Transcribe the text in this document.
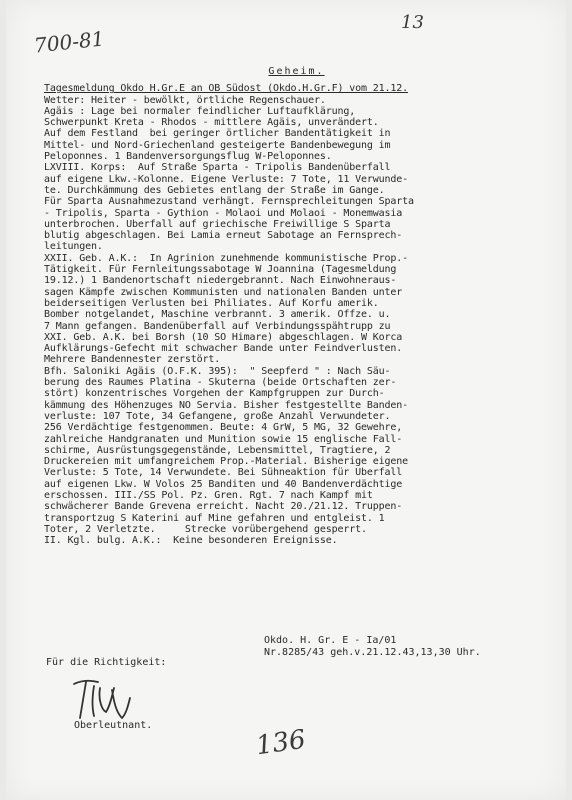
700-81
13
Geheim.
Tagesmeldung Okdo H.Gr.E an OB Südost (Okdo.H.Gr.F) vom 21.12.
Wetter: Heiter - bewölkt, örtliche Regenschauer.
Ägäis : Lage bei normaler feindlicher Luftaufklärung,
Schwerpunkt Kreta - Rhodos - mittlere Ägäis, unverändert.
Auf dem Festland  bei geringer örtlicher Bandentätigkeit in
Mittel- und Nord-Griechenland gesteigerte Bandenbewegung im
Peloponnes. 1 Bandenversorgungsflug W-Peloponnes.
LXVIII. Korps:  Auf Straße Sparta - Tripolis Bandenüberfall
auf eigene Lkw.-Kolonne. Eigene Verluste: 7 Tote, 11 Verwunde-
te. Durchkämmung des Gebietes entlang der Straße im Gange.
Für Sparta Ausnahmezustand verhängt. Fernsprechleitungen Sparta
- Tripolis, Sparta - Gythion - Molaoi und Molaoi - Monemwasia
unterbrochen. Überfall auf griechische Freiwillige S Sparta
blutig abgeschlagen. Bei Lamia erneut Sabotage an Fernsprech-
leitungen.
XXII. Geb. A.K.:  In Agrinion zunehmende kommunistische Prop.-
Tätigkeit. Für Fernleitungssabotage W Joannina (Tagesmeldung
19.12.) 1 Bandenortschaft niedergebrannt. Nach Einwohneraus-
sagen Kämpfe zwischen Kommunisten und nationalen Banden unter
beiderseitigen Verlusten bei Philiates. Auf Korfu amerik.
Bomber notgelandet, Maschine verbrannt. 3 amerik. Offze. u.
7 Mann gefangen. Bandenüberfall auf Verbindungsspähtrupp zu
XXI. Geb. A.K. bei Borsh (10 SO Himare) abgeschlagen. W Korca
Aufklärungs-Gefecht mit schwacher Bande unter Feindverlusten.
Mehrere Bandennester zerstört.
Bfh. Saloniki Ägäis (O.F.K. 395):  " Seepferd " : Nach Säu-
berung des Raumes Platina - Skuterna (beide Ortschaften zer-
stört) konzentrisches Vorgehen der Kampfgruppen zur Durch-
kämmung des Höhenzuges NO Servia. Bisher festgestellte Banden-
verluste: 107 Tote, 34 Gefangene, große Anzahl Verwundeter.
256 Verdächtige festgenommen. Beute: 4 GrW, 5 MG, 32 Gewehre,
zahlreiche Handgranaten und Munition sowie 15 englische Fall-
schirme, Ausrüstungsgegenstände, Lebensmittel, Tragtiere, 2
Druckereien mit umfangreichem Prop.-Material. Bisherige eigene
Verluste: 5 Tote, 14 Verwundete. Bei Sühneaktion für Überfall
auf eigenen Lkw. W Volos 25 Banditen und 40 Bandenverdächtige
erschossen. III./SS Pol. Pz. Gren. Rgt. 7 nach Kampf mit
schwächerer Bande Grevena erreicht. Nacht 20./21.12. Truppen-
transportzug S Katerini auf Mine gefahren und entgleist. 1
Toter, 2 Verletzte.     Strecke vorübergehend gesperrt.
II. Kgl. bulg. A.K.:  Keine besonderen Ereignisse.
Okdo. H. Gr. E - Ia/01
Nr.8285/43 geh.v.21.12.43,13,30 Uhr.
Für die Richtigkeit:
Oberleutnant.	136
